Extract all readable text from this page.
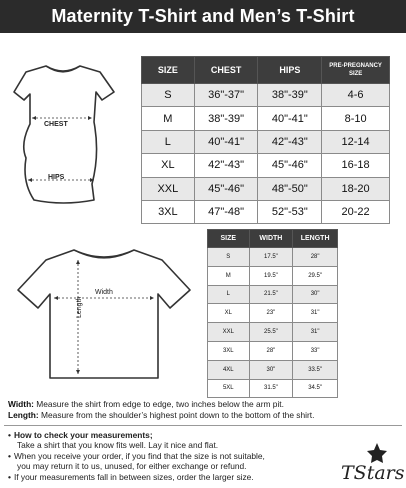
Maternity T-Shirt and Men’s T-Shirt
CHEST
HIPS
SIZE	CHEST	HIPS	PRE-PREGNANCY SIZE
S	36"-37"	38"-39"	4-6
M	38"-39"	40"-41"	8-10
L	40"-41"	42"-43"	12-14
XL	42"-43"	45"-46"	16-18
XXL	45"-46"	48"-50"	18-20
3XL	47"-48"	52"-53"	20-22
Width
Length
SIZE	WIDTH	LENGTH
S	17.5"	28"
M	19.5"	29.5"
L	21.5"	30"
XL	23"	31"
XXL	25.5"	31"
3XL	28"	33"
4XL	30"	33.5"
5XL	31.5"	34.5"
Width: Measure the shirt from edge to edge, two inches below the arm pit.
Length: Measure from the shoulder’s highest point down to the bottom of the shirt.
• How to check your measurements;
Take a shirt that you know fits well. Lay it nice and flat.
• When you receive your order, if you find that the size is not suitable,
you may return it to us, unused, for either exchange or refund.
• If your measurements fall in between sizes, order the larger size.	TStars
